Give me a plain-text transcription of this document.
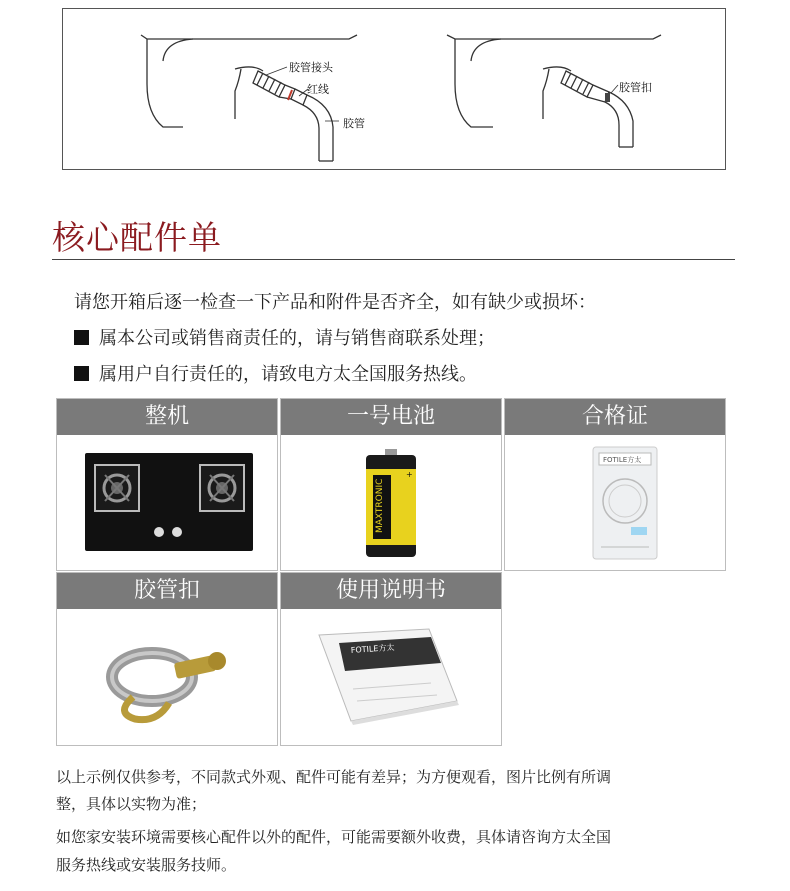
胶管接头
红线
胶管
胶管扣
核心配件单
请您开箱后逐一检查一下产品和附件是否齐全，如有缺少或损坏：
属本公司或销售商责任的，请与销售商联系处理；
属用户自行责任的，请致电方太全国服务热线。
整机	一号电池
MAXTRONIC
+
合格证
FOTILE方太
胶管扣	使用说明书
FOTILE方太
以上示例仅供参考，不同款式外观、配件可能有差异；为方便观看，图片比例有所调
整，具体以实物为准；
如您家安装环境需要核心配件以外的配件，可能需要额外收费，具体请咨询方太全国
服务热线或安装服务技师。
